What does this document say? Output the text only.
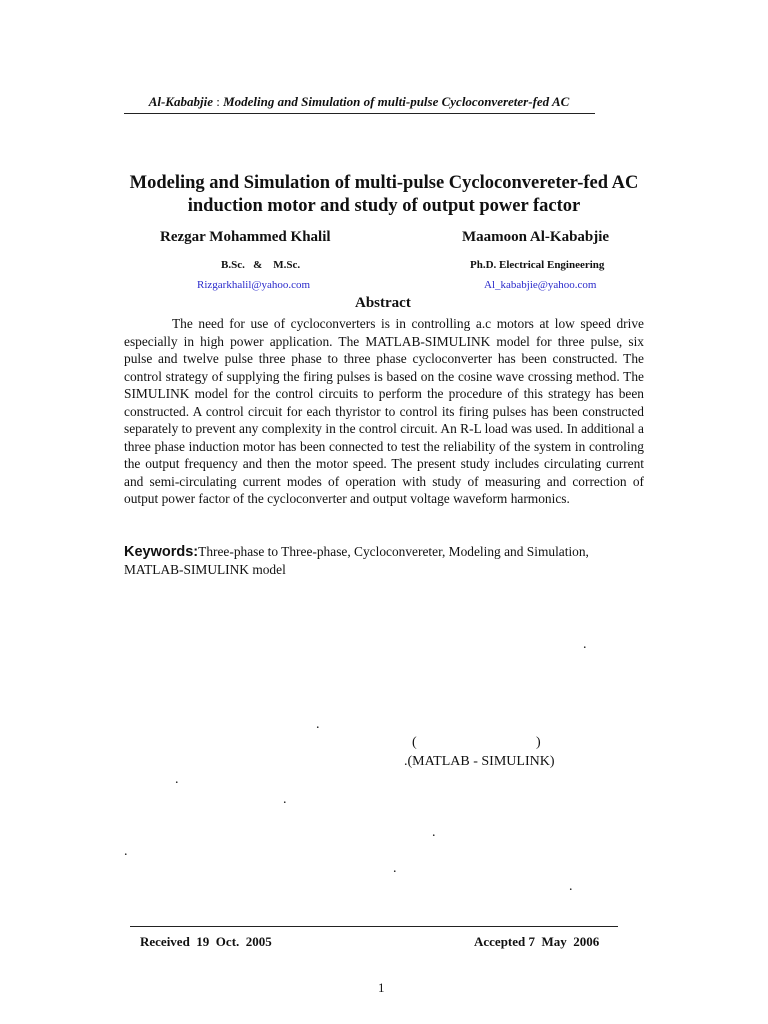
Al-Kababjie : Modeling and Simulation of multi-pulse Cycloconvereter-fed AC
Modeling and Simulation of multi-pulse Cycloconvereter-fed AC induction motor and study of output power factor
Rezgar Mohammed Khalil	Maamoon Al-Kababjie
B.Sc.   &    M.Sc.	Ph.D. Electrical Engineering
Rizgarkhalil@yahoo.com	Al_kababjie@yahoo.com
Abstract
The need for use of cycloconverters is in controlling a.c motors at low speed drive especially in high power application. The MATLAB-SIMULINK model for three pulse, six pulse and twelve pulse three phase to three phase cycloconverter has been constructed. The control strategy of supplying the firing pulses is based on the cosine wave crossing method. The SIMULINK model for the control circuits to perform the procedure of this strategy has been constructed. A control circuit for each thyristor to control its firing pulses has been constructed separately to prevent any complexity in the control circuit. An R-L load was used. In additional a three phase induction motor has been connected to test the reliability of the system in controling the output frequency and then the motor speed. The present study includes circulating current and semi-circulating current modes of operation with study of measuring and correction of output power factor of the cycloconverter and output voltage waveform harmonics.
Keywords:Three-phase to Three-phase, Cycloconvereter, Modeling and Simulation, MATLAB-SIMULINK model
.
.
(	)
.(MATLAB - SIMULINK)
.
.
.
.
.
.
Received  19  Oct.  2005	Accepted 7  May  2006
1
